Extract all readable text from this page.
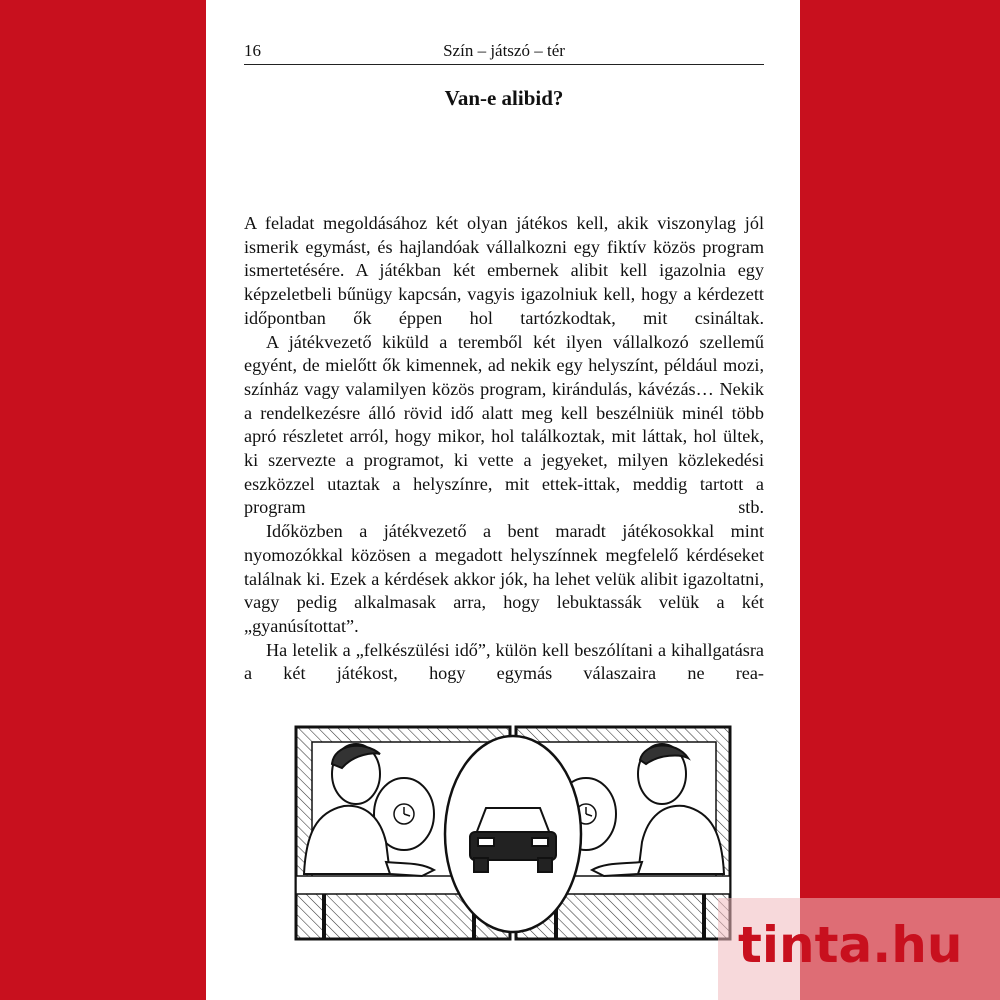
16	Szín – játszó – tér
Van-e alibid?

A feladat megoldásához két olyan játékos kell, akik viszonylag jól ismerik egymást, és hajlandóak vállalkozni egy fiktív közös program ismertetésére. A játékban két embernek alibit kell igazolnia egy képzeletbeli bűnügy kapcsán, vagyis igazolniuk kell, hogy a kérdezett időpontban ők éppen hol tartózkodtak, mit csináltak.

A játékvezető kiküld a teremből két ilyen vállalkozó szellemű egyént, de mielőtt ők kimennek, ad nekik egy helyszínt, például mozi, színház vagy valamilyen közös program, kirándulás, kávézás… Nekik a rendelkezésre álló rövid idő alatt meg kell beszélniük minél több apró részletet arról, hogy mikor, hol találkoztak, mit láttak, hol ültek, ki szervezte a programot, ki vette a jegyeket, milyen közlekedési eszközzel utaztak a helyszínre, mit ettek-ittak, meddig tartott a program stb.

Időközben a játékvezető a bent maradt játékosokkal mint nyomozókkal közösen a megadott helyszínnek megfelelő kérdéseket találnak ki. Ezek a kérdések akkor jók, ha lehet velük alibit igazoltatni, vagy pedig alkalmasak arra, hogy lebuktassák velük a két „gyanúsítottat”.

Ha letelik a „felkészülési idő”, külön kell beszólítani a kihallgatásra a két játékost, hogy egymás válaszaira ne rea-

tinta.hu
